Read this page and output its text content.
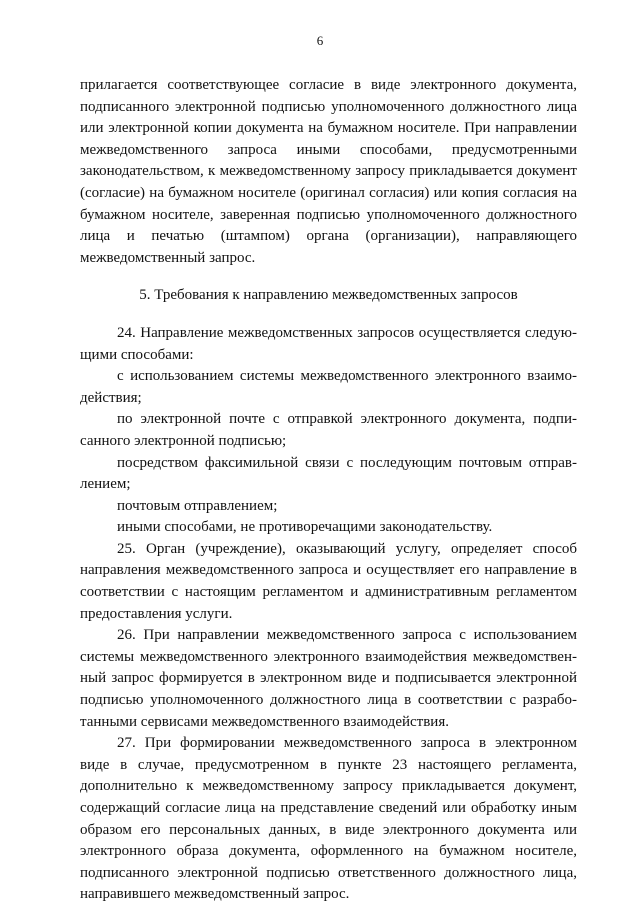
6

прилагается соответствующее согласие в виде электронного документа, подписанного электронной подписью уполномоченного должностного лица или электронной копии документа на бумажном носителе. При направлении межведомственного запроса иными способами, предусмотренными законодательством, к межведомственному запросу прикладывается документ (согласие) на бумажном носителе (оригинал согласия) или копия согласия на бумажном носителе, заверенная подписью уполномоченного должностного лица и печатью (штампом) органа (организации), направляющего межведомственный запрос.

5. Требования к направлению межведомственных запросов

24. Направление межведомственных запросов осуществляется следующими способами:

с использованием системы межведомственного электронного взаимодействия;

по электронной почте с отправкой электронного документа, подписанного электронной подписью;

посредством факсимильной связи с последующим почтовым отправлением;

почтовым отправлением;

иными способами, не противоречащими законодательству.

25. Орган (учреждение), оказывающий услугу, определяет способ направления межведомственного запроса и осуществляет его направление в соответствии с настоящим регламентом и административным регламентом предоставления услуги.

26. При направлении межведомственного запроса с использованием системы межведомственного электронного взаимодействия межведомственный запрос формируется в электронном виде и подписывается электронной подписью уполномоченного должностного лица в соответствии с разработанными сервисами межведомственного взаимодействия.

27. При формировании межведомственного запроса в электронном виде в случае, предусмотренном в пункте 23 настоящего регламента, дополнительно к межведомственному запросу прикладывается документ, содержащий согласие лица на представление сведений или обработку иным образом его персональных данных, в виде электронного документа или электронного образа документа, оформленного на бумажном носителе, подписанного электронной подписью ответственного должностного лица, направившего межведомственный запрос.
